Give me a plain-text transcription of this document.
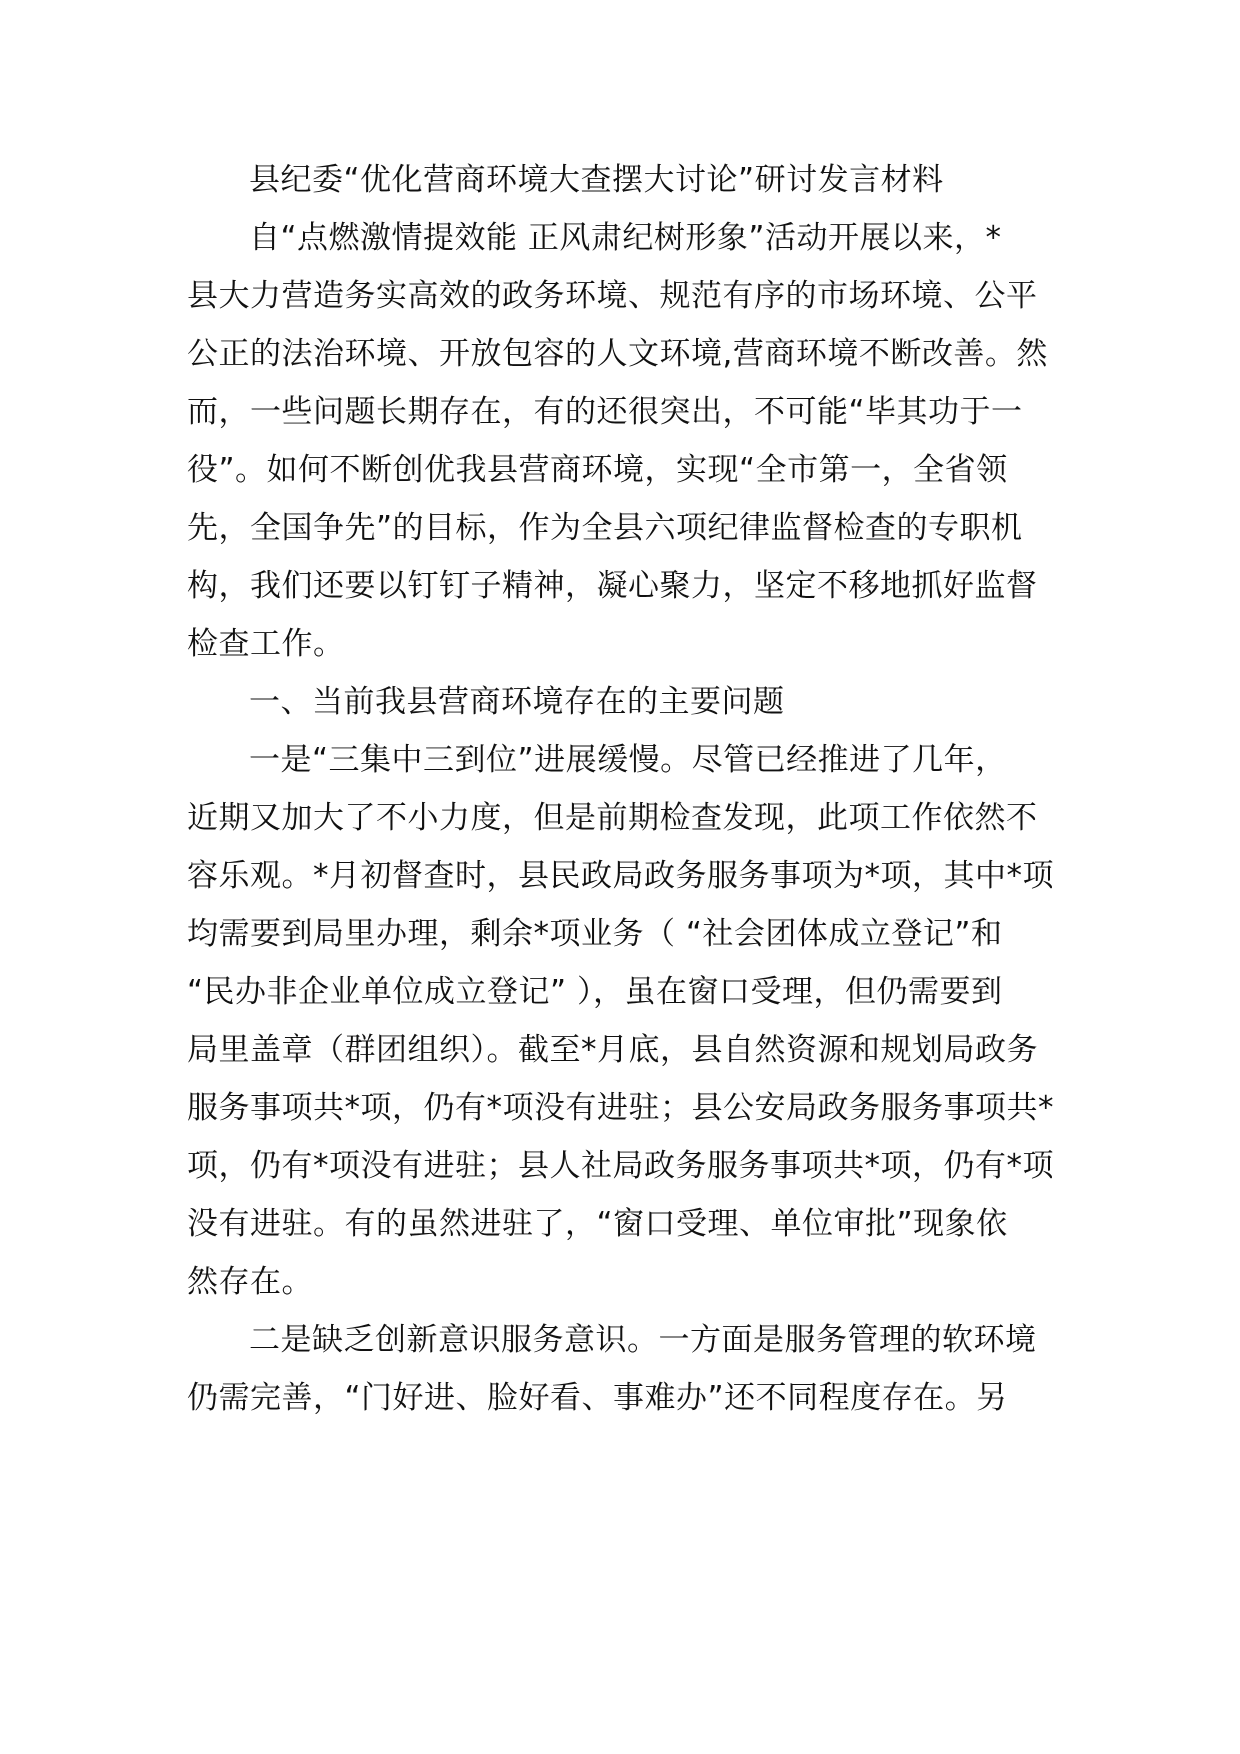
县纪委“优化营商环境大查摆大讨论”研讨发言材料
自“点燃激情提效能 正风肃纪树形象”活动开展以来，*
县大力营造务实高效的政务环境、规范有序的市场环境、公平
公正的法治环境、开放包容的人文环境,营商环境不断改善。然
而，一些问题长期存在，有的还很突出，不可能“毕其功于一
役”。如何不断创优我县营商环境，实现“全市第一，全省领
先，全国争先”的目标，作为全县六项纪律监督检查的专职机
构，我们还要以钉钉子精神，凝心聚力，坚定不移地抓好监督
检查工作。
一、当前我县营商环境存在的主要问题
一是“三集中三到位”进展缓慢。尽管已经推进了几年，
近期又加大了不小力度，但是前期检查发现，此项工作依然不
容乐观。*月初督查时，县民政局政务服务事项为*项，其中*项
均需要到局里办理，剩余*项业务（ “社会团体成立登记”和
“民办非企业单位成立登记” ），虽在窗口受理，但仍需要到
局里盖章（群团组织）。截至*月底，县自然资源和规划局政务
服务事项共*项，仍有*项没有进驻；县公安局政务服务事项共*
项，仍有*项没有进驻；县人社局政务服务事项共*项，仍有*项
没有进驻。有的虽然进驻了，“窗口受理、单位审批”现象依
然存在。
二是缺乏创新意识服务意识。一方面是服务管理的软环境
仍需完善，“门好进、脸好看、事难办”还不同程度存在。另
